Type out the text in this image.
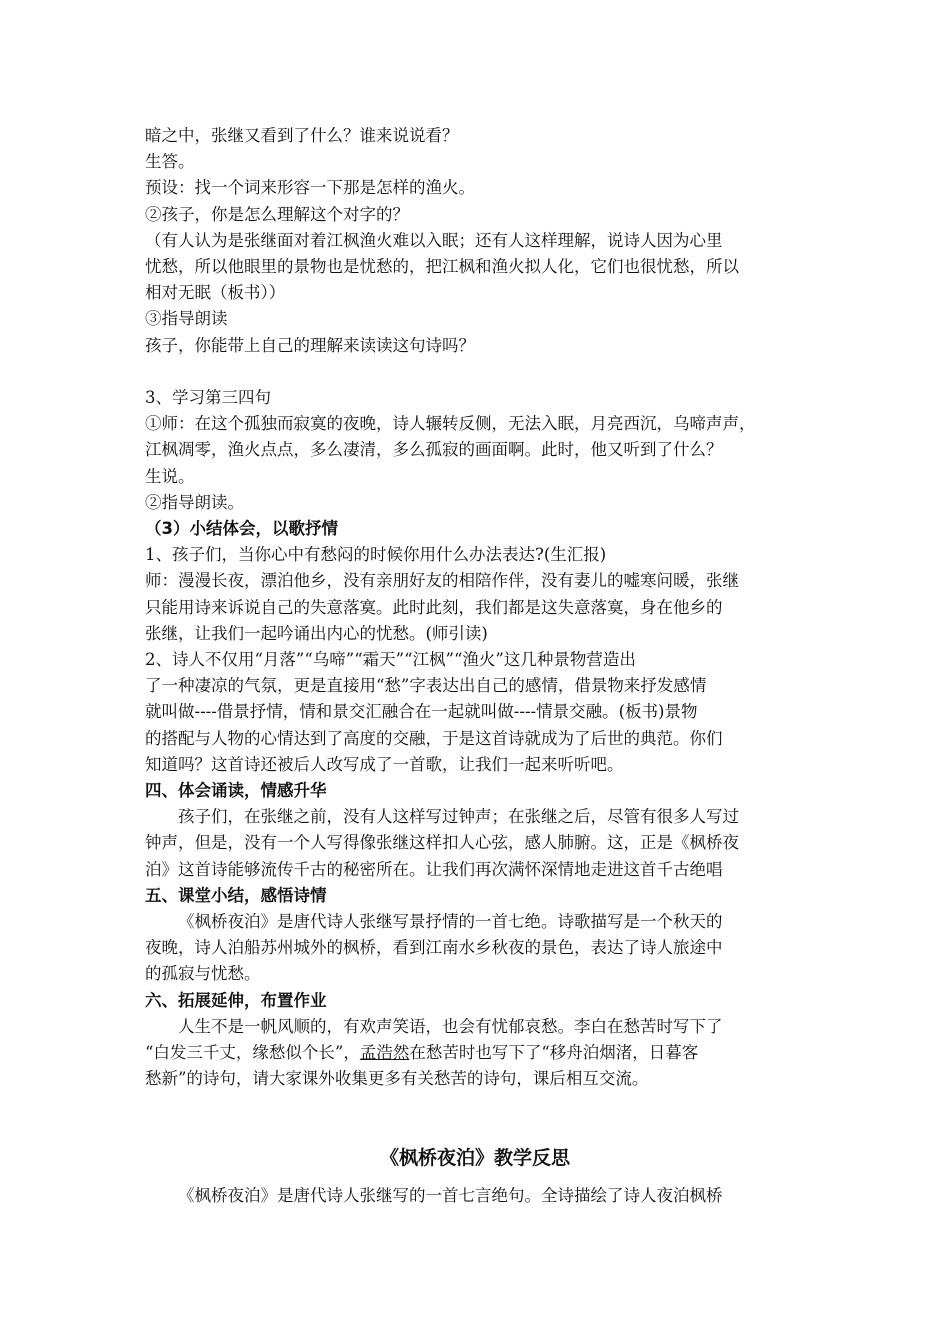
暗之中，张继又看到了什么？谁来说说看？

生答。

预设：找一个词来形容一下那是怎样的渔火。

②孩子，你是怎么理解这个对字的？

（有人认为是张继面对着江枫渔火难以入眠；还有人这样理解，说诗人因为心里

忧愁，所以他眼里的景物也是忧愁的，把江枫和渔火拟人化，它们也很忧愁，所以

相对无眠（板书））

③指导朗读

孩子，你能带上自己的理解来读读这句诗吗？

3、学习第三四句

①师：在这个孤独而寂寞的夜晚，诗人辗转反侧，无法入眠，月亮西沉，乌啼声声，

江枫凋零，渔火点点，多么凄清，多么孤寂的画面啊。此时，他又听到了什么？

生说。

②指导朗读。

（3）小结体会，以歌抒情

1、孩子们，当你心中有愁闷的时候你用什么办法表达?(生汇报)

师：漫漫长夜，漂泊他乡，没有亲朋好友的相陪作伴，没有妻儿的嘘寒问暖，张继

只能用诗来诉说自己的失意落寞。此时此刻，我们都是这失意落寞，身在他乡的

张继，让我们一起吟诵出内心的忧愁。(师引读)

2、诗人不仅用“月落”“乌啼”“霜天”“江枫”“渔火”这几种景物营造出

了一种凄凉的气氛，更是直接用“愁”字表达出自己的感情，借景物来抒发感情

就叫做----借景抒情，情和景交汇融合在一起就叫做----情景交融。(板书)景物

的搭配与人物的心情达到了高度的交融，于是这首诗就成为了后世的典范。你们

知道吗？这首诗还被后人改写成了一首歌，让我们一起来听听吧。

四、体会诵读，情感升华

孩子们，在张继之前，没有人这样写过钟声；在张继之后，尽管有很多人写过

钟声，但是，没有一个人写得像张继这样扣人心弦，感人肺腑。这，正是《枫桥夜

泊》这首诗能够流传千古的秘密所在。让我们再次满怀深情地走进这首千古绝唱

五、课堂小结，感悟诗情

《枫桥夜泊》是唐代诗人张继写景抒情的一首七绝。诗歌描写是一个秋天的

夜晚，诗人泊船苏州城外的枫桥，看到江南水乡秋夜的景色，表达了诗人旅途中

的孤寂与忧愁。

六、拓展延伸，布置作业

人生不是一帆风顺的，有欢声笑语，也会有忧郁哀愁。李白在愁苦时写下了

“白发三千丈，缘愁似个长”，孟浩然在愁苦时也写下了“移舟泊烟渚，日暮客

愁新”的诗句，请大家课外收集更多有关愁苦的诗句，课后相互交流。

《枫桥夜泊》教学反思
《枫桥夜泊》是唐代诗人张继写的一首七言绝句。全诗描绘了诗人夜泊枫桥
